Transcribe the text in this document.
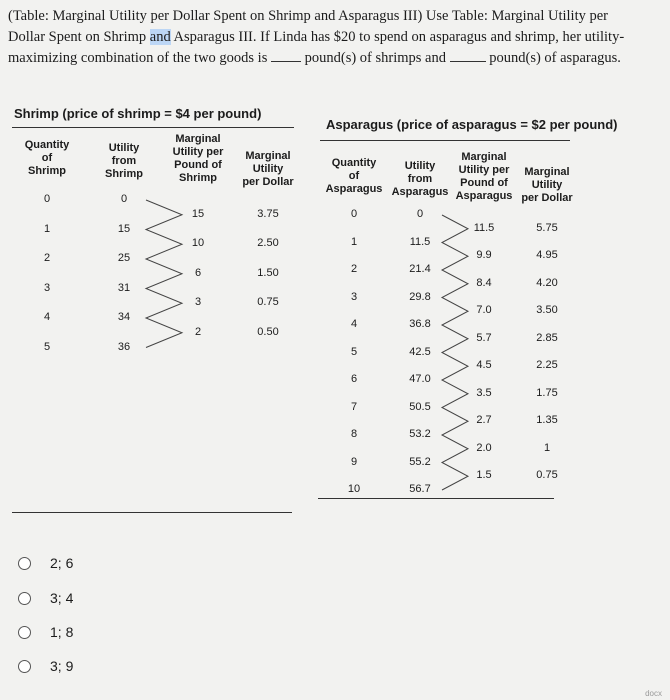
(Table: Marginal Utility per Dollar Spent on Shrimp and Asparagus III) Use Table: Marginal Utility per
Dollar Spent on Shrimp and Asparagus III. If Linda has $20 to spend on asparagus and shrimp, her utility-
maximizing combination of the two goods is	pound(s) of shrimps and	pound(s) of asparagus.
Shrimp (price of shrimp = $4 per pound)
Asparagus (price of asparagus = $2 per pound)
Quantity
of
Shrimp
Utility
from
Shrimp
Marginal
Utility per
Pound of
Shrimp
Marginal
Utility
per Dollar
0
1
2
3
4
5
0
15
25
31
34
36
15
10
6
3
2
3.75
2.50
1.50
0.75
0.50
Quantity
of
Asparagus
Utility
from
Asparagus
Marginal
Utility per
Pound of
Asparagus
Marginal
Utility
per Dollar
0
1
2
3
4
5
6
7
8
9
10
0
11.5
21.4
29.8
36.8
42.5
47.0
50.5
53.2
55.2
56.7
11.5
9.9
8.4
7.0
5.7
4.5
3.5
2.7
2.0
1.5
5.75
4.95
4.20
3.50
2.85
2.25
1.75
1.35
1
0.75
2; 6
3; 4
1; 8
3; 9
docx
